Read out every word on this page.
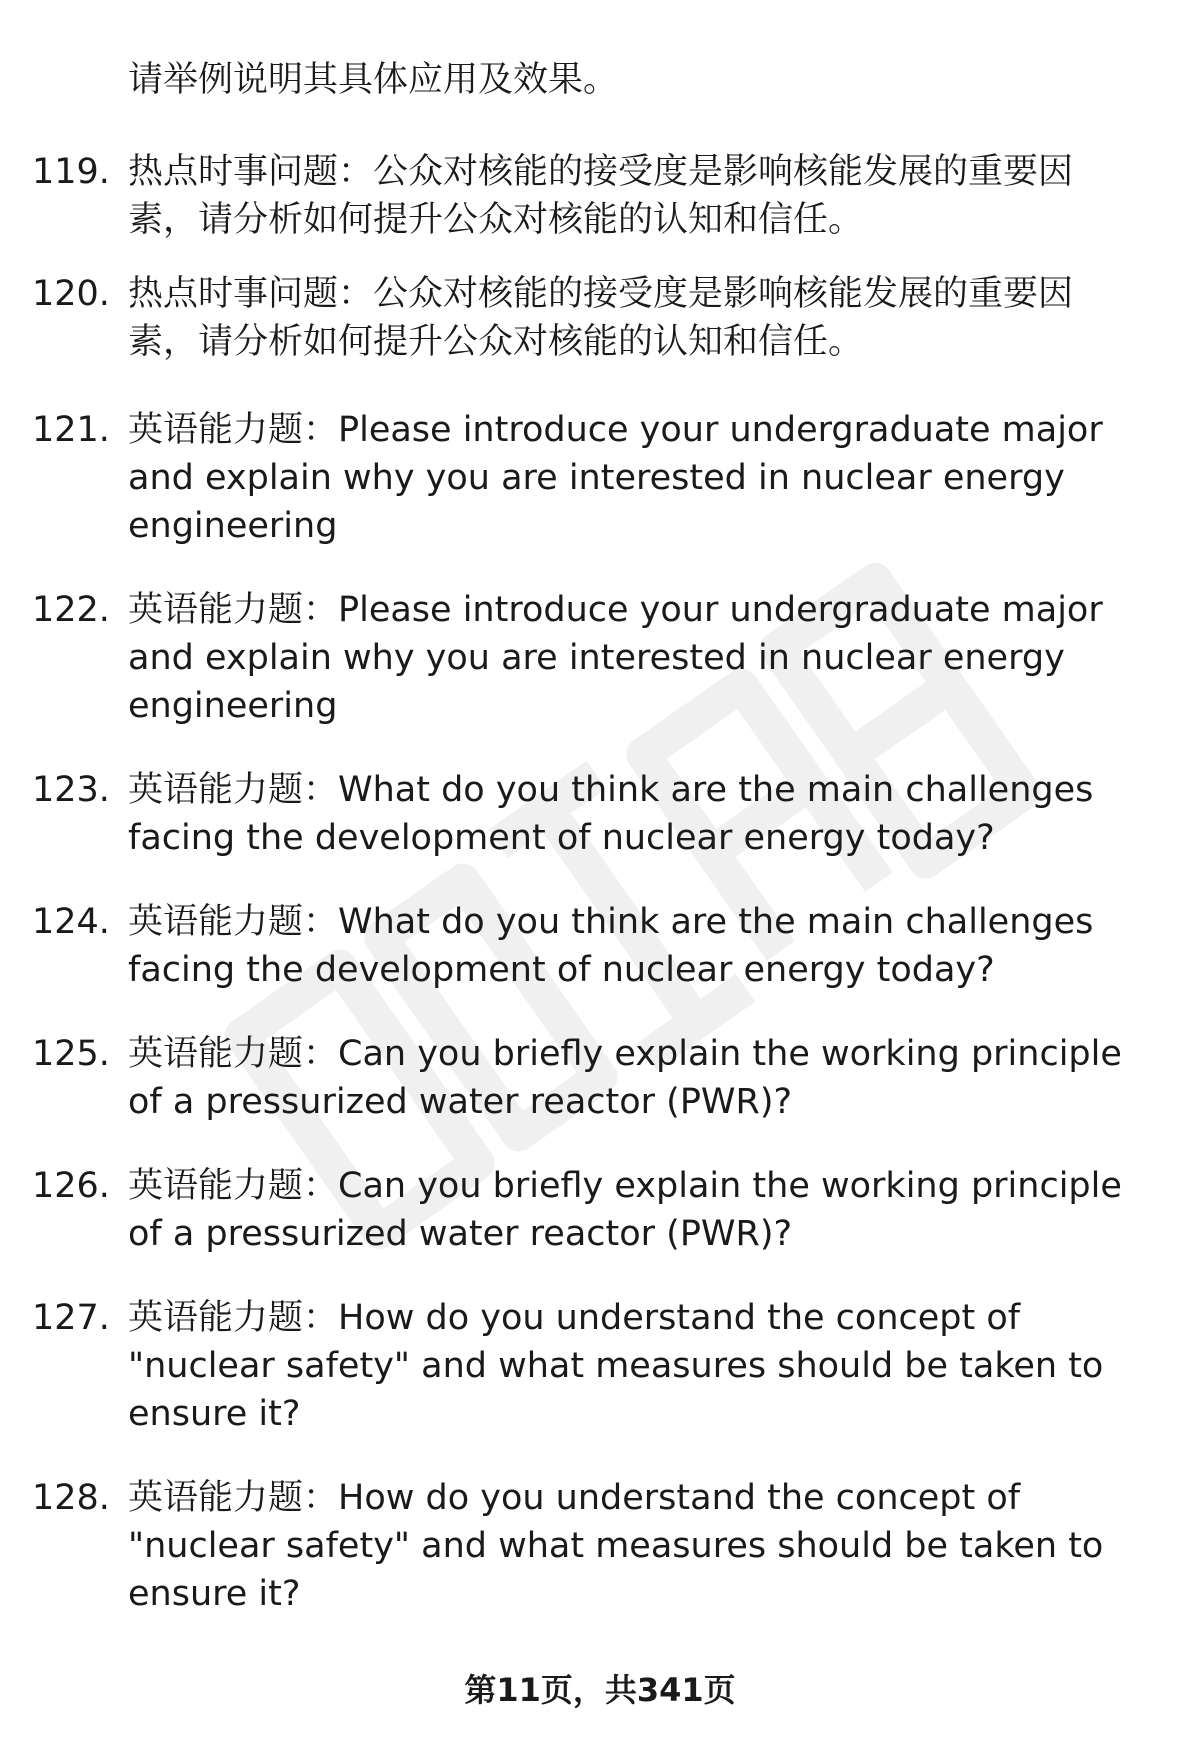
请举例说明其具体应用及效果。
119. 热点时事问题：公众对核能的接受度是影响核能发展的重要因
素，请分析如何提升公众对核能的认知和信任。
120. 热点时事问题：公众对核能的接受度是影响核能发展的重要因
素，请分析如何提升公众对核能的认知和信任。
121. 英语能力题：Please introduce your undergraduate major
and explain why you are interested in nuclear energy
engineering
122. 英语能力题：Please introduce your undergraduate major
and explain why you are interested in nuclear energy
engineering
123. 英语能力题：What do you think are the main challenges
facing the development of nuclear energy today?
124. 英语能力题：What do you think are the main challenges
facing the development of nuclear energy today?
125. 英语能力题：Can you briefly explain the working principle
of a pressurized water reactor (PWR)?
126. 英语能力题：Can you briefly explain the working principle
of a pressurized water reactor (PWR)?
127. 英语能力题：How do you understand the concept of
"nuclear safety" and what measures should be taken to
ensure it?
128. 英语能力题：How do you understand the concept of
"nuclear safety" and what measures should be taken to
ensure it?
第11页，共341页
